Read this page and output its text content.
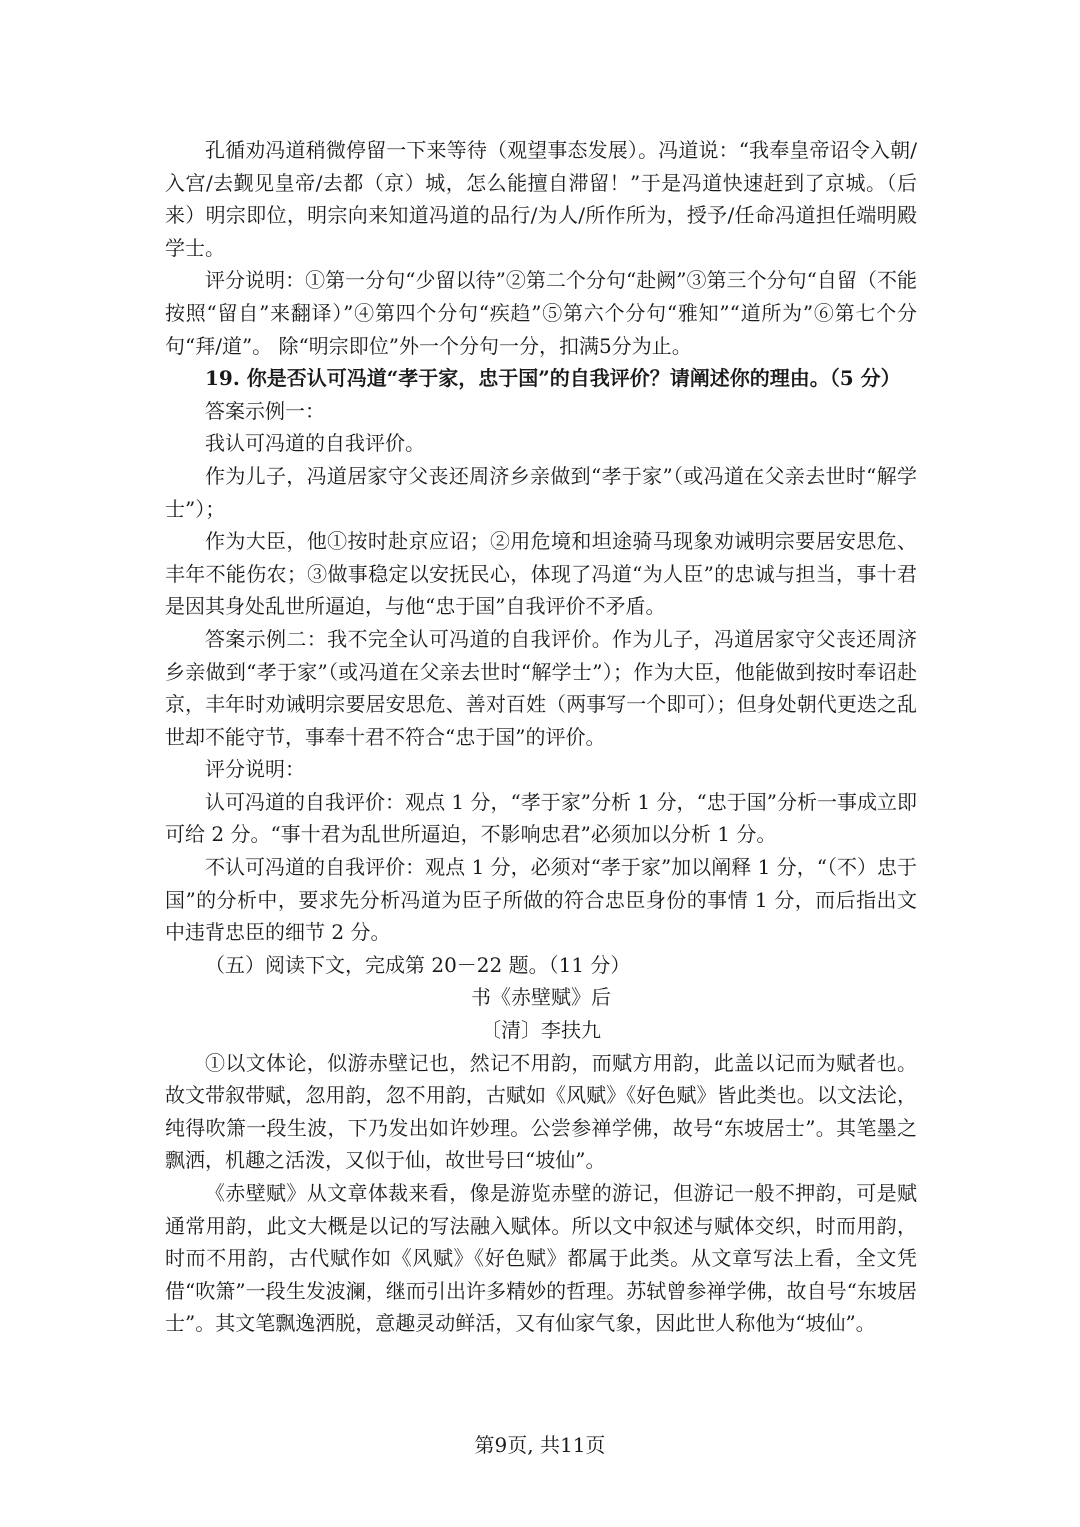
孔循劝冯道稍微停留一下来等待（观望事态发展）。冯道说：“我奉皇帝诏令入朝/入宫/去觐见皇帝/去都（京）城，怎么能擅自滞留！”于是冯道快速赶到了京城。（后来）明宗即位，明宗向来知道冯道的品行/为人/所作所为，授予/任命冯道担任端明殿学士。

评分说明：①第一分句“少留以待”②第二个分句“赴阙”③第三个分句“自留（不能按照“留自”来翻译）”④第四个分句“疾趋”⑤第六个分句“雅知”“道所为”⑥第七个分句“拜/道”。 除“明宗即位”外一个分句一分，扣满5分为止。

19. 你是否认可冯道“孝于家，忠于国”的自我评价？请阐述你的理由。（5 分）

答案示例一：

我认可冯道的自我评价。

作为儿子，冯道居家守父丧还周济乡亲做到“孝于家”（或冯道在父亲去世时“解学士”）；

作为大臣，他①按时赴京应诏；②用危境和坦途骑马现象劝诫明宗要居安思危、丰年不能伤农；③做事稳定以安抚民心，体现了冯道“为人臣”的忠诚与担当，事十君是因其身处乱世所逼迫，与他“忠于国”自我评价不矛盾。

答案示例二：我不完全认可冯道的自我评价。作为儿子，冯道居家守父丧还周济乡亲做到“孝于家”（或冯道在父亲去世时“解学士”）；作为大臣，他能做到按时奉诏赴京，丰年时劝诫明宗要居安思危、善对百姓（两事写一个即可）；但身处朝代更迭之乱世却不能守节，事奉十君不符合“忠于国”的评价。

评分说明：

认可冯道的自我评价：观点 1 分，“孝于家”分析 1 分，“忠于国”分析一事成立即可给 2 分。“事十君为乱世所逼迫，不影响忠君”必须加以分析 1 分。

不认可冯道的自我评价：观点 1 分，必须对“孝于家”加以阐释 1 分，“（不）忠于国”的分析中，要求先分析冯道为臣子所做的符合忠臣身份的事情 1 分，而后指出文中违背忠臣的细节 2 分。

（五）阅读下文，完成第 20－22 题。（11 分）

书《赤壁赋》后

〔清〕李扶九

①以文体论，似游赤壁记也，然记不用韵，而赋方用韵，此盖以记而为赋者也。故文带叙带赋，忽用韵，忽不用韵，古赋如《风赋》《好色赋》皆此类也。以文法论，纯得吹箫一段生波，下乃发出如许妙理。公尝参禅学佛，故号“东坡居士”。其笔墨之飘洒，机趣之活泼，又似于仙，故世号曰“坡仙”。

《赤壁赋》从文章体裁来看，像是游览赤壁的游记，但游记一般不押韵，可是赋通常用韵，此文大概是以记的写法融入赋体。所以文中叙述与赋体交织，时而用韵，时而不用韵，古代赋作如《风赋》《好色赋》都属于此类。从文章写法上看，全文凭借“吹箫”一段生发波澜，继而引出许多精妙的哲理。苏轼曾参禅学佛，故自号“东坡居士”。其文笔飘逸洒脱，意趣灵动鲜活，又有仙家气象，因此世人称他为“坡仙”。

第9页, 共11页
